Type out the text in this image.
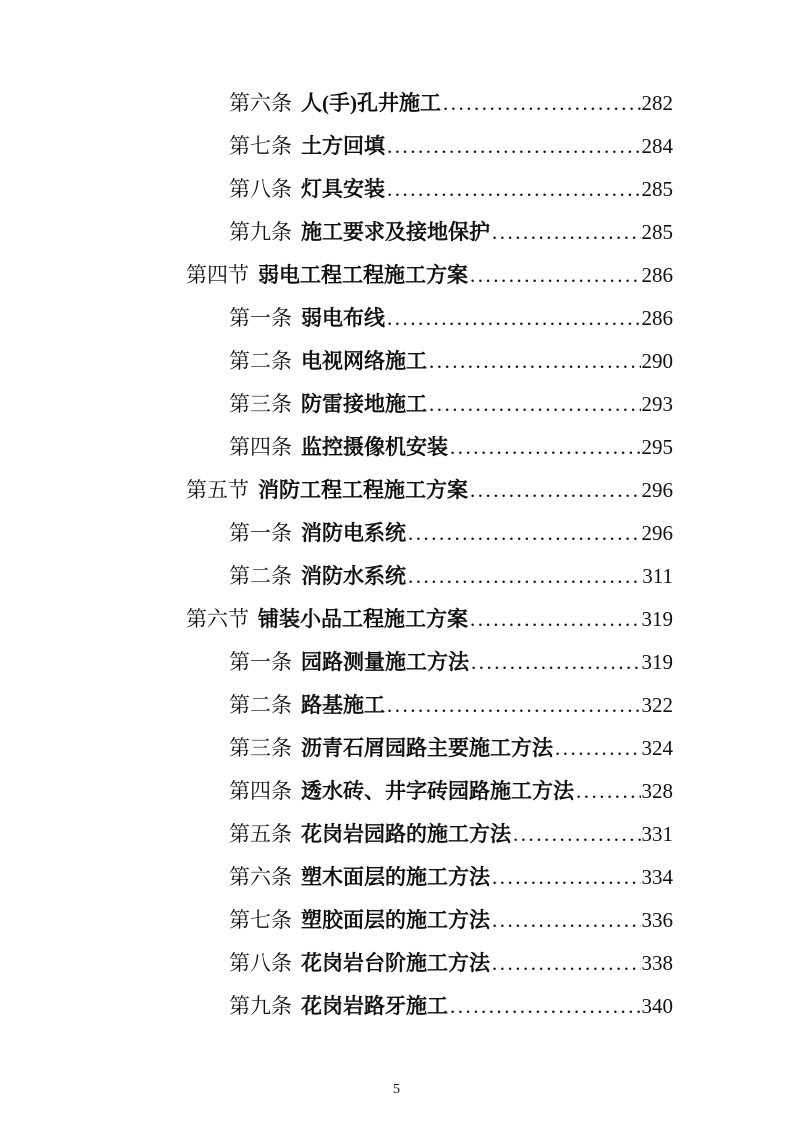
第六条 人(手)孔井施工 .....	282
第七条 土方回填 .....	284
第八条 灯具安装 .....	285
第九条 施工要求及接地保护 .....	285
第四节 弱电工程工程施工方案 .....	286
第一条 弱电布线 .....	286
第二条 电视网络施工 .....	290
第三条 防雷接地施工 .....	293
第四条 监控摄像机安装 .....	295
第五节 消防工程工程施工方案 .....	296
第一条 消防电系统 .....	296
第二条 消防水系统 .....	311
第六节 铺装小品工程施工方案 .....	319
第一条 园路测量施工方法 .....	319
第二条 路基施工 .....	322
第三条 沥青石屑园路主要施工方法 .....	324
第四条 透水砖、井字砖园路施工方法 .....	328
第五条 花岗岩园路的施工方法 .....	331
第六条 塑木面层的施工方法 .....	334
第七条 塑胶面层的施工方法 .....	336
第八条 花岗岩台阶施工方法 .....	338
第九条 花岗岩路牙施工 .....	340
5
